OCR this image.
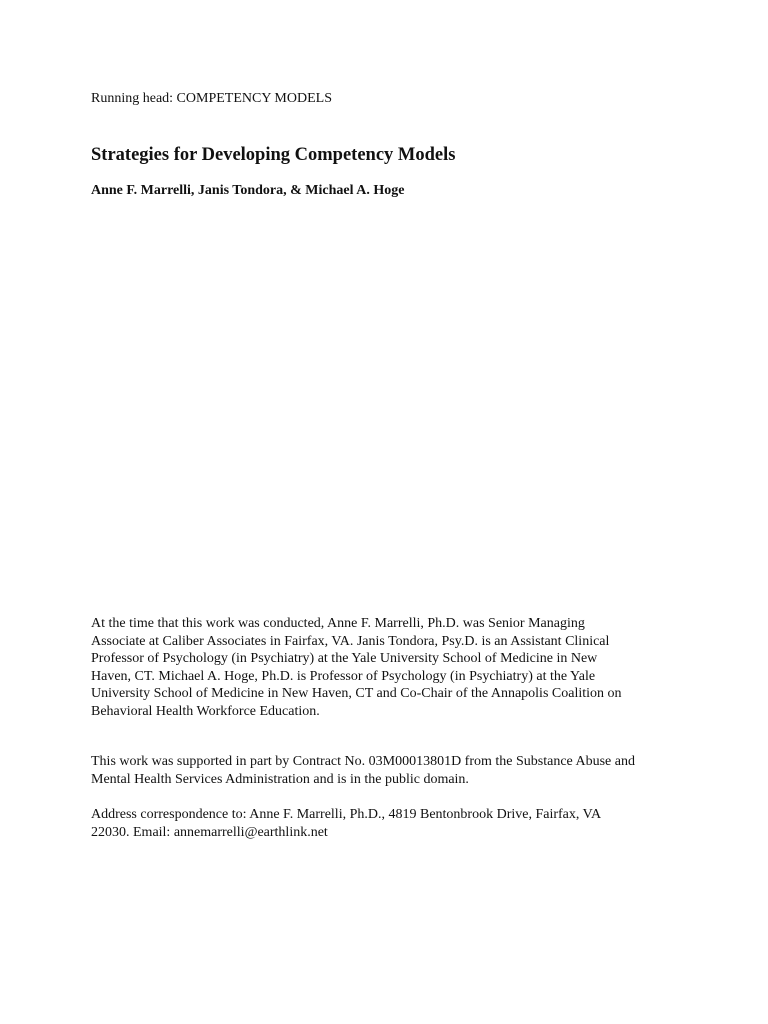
Running head: COMPETENCY MODELS
Strategies for Developing Competency Models

Anne F. Marrelli, Janis Tondora, & Michael A. Hoge

At the time that this work was conducted, Anne F. Marrelli, Ph.D. was Senior Managing
Associate at Caliber Associates in Fairfax, VA. Janis Tondora, Psy.D. is an Assistant Clinical
Professor of Psychology (in Psychiatry) at the Yale University School of Medicine in New
Haven, CT. Michael A. Hoge, Ph.D. is Professor of Psychology (in Psychiatry) at the Yale
University School of Medicine in New Haven, CT and Co-Chair of the Annapolis Coalition on
Behavioral Health Workforce Education.

This work was supported in part by Contract No. 03M00013801D from the Substance Abuse and
Mental Health Services Administration and is in the public domain.

Address correspondence to: Anne F. Marrelli, Ph.D., 4819 Bentonbrook Drive, Fairfax, VA
22030. Email: annemarrelli@earthlink.net
